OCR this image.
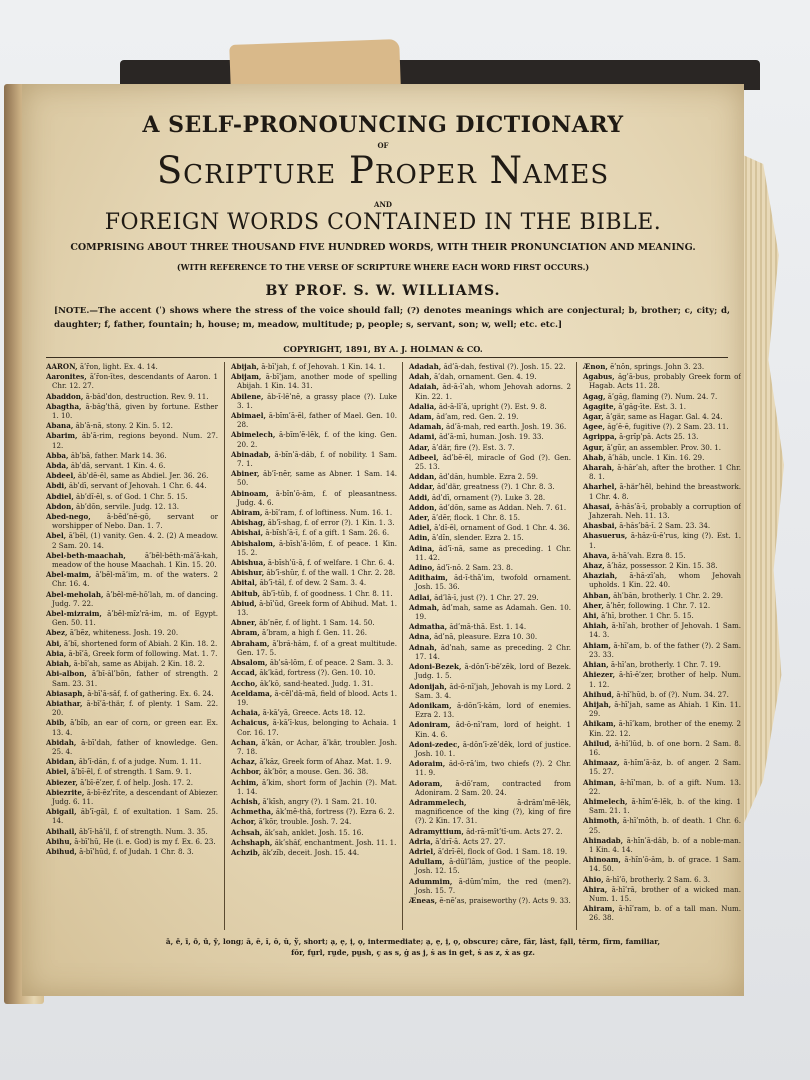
A SELF-PRONOUNCING DICTIONARY
OF
Scripture Proper Names
AND
FOREIGN WORDS CONTAINED IN THE BIBLE.
COMPRISING ABOUT THREE THOUSAND FIVE HUNDRED WORDS, WITH THEIR PRONUNCIATION AND MEANING.
(WITH REFERENCE TO THE VERSE OF SCRIPTURE WHERE EACH WORD FIRST OCCURS.)
BY PROF. S. W. WILLIAMS.
[NOTE.—The accent (ʹ) shows where the stress of the voice should fall; (?) denotes meanings which are conjectural; b, brother; c, city; d, daughter; f, father, fountain; h, house; m, meadow, multitude; p, people; s, servant, son; w, well; etc. etc.]
COPYRIGHT, 1891, BY A. J. HOLMAN & CO.
AARON, āʹr̆on, light. Ex. 4. 14.
Aaronites, āʹr̆on-ītes, descendants of Aaron. 1 Chr. 12. 27.
Abaddon, ā-bădʹdon, destruction. Rev. 9. 11.
Abagtha, ā-băgʹthā, given by fortune. Esther 1. 10.
Abana, ăbʹā-nā, stony. 2 Kin. 5. 12.
Abarim, ăbʹā-rim, regions beyond. Num. 27. 12.
Abba, ăbʹbā, father. Mark 14. 36.
Abda, ăbʹdā, servant. 1 Kin. 4. 6.
Abdeel, ăbʹdē-ĕl, same as Abdiel. Jer. 36. 26.
Abdi, ăbʹdī, servant of Jehovah. 1 Chr. 6. 44.
Abdiel, ăbʹdĭ-ĕl, s. of God. 1 Chr. 5. 15.
Abdon, ăbʹdŏn, servile. Judg. 12. 13.
Abed-nego, ā-bĕdʹnē-gō, servant or worshipper of Nebo. Dan. 1. 7.
Abel, āʹbĕl, (1) vanity. Gen. 4. 2. (2) A meadow. 2 Sam. 20. 14.
Abel-beth-maachah, āʹbĕl-bĕth-māʹā-kah, meadow of the house Maachah. 1 Kin. 15. 20.
Abel-maim, āʹbĕl-māʹim, m. of the waters. 2 Chr. 16. 4.
Abel-meholah, āʹbĕl-mē-hōʹlah, m. of dancing. Judg. 7. 22.
Abel-mizraim, āʹbĕl-mĭzʹrā-im, m. of Egypt. Gen. 50. 11.
Abez, āʹbĕz, whiteness. Josh. 19. 20.
Abi, āʹbī, shortened form of Abiah. 2 Kin. 18. 2.
Abia, ā-bīʹā, Greek form of following. Mat. 1. 7.
Abiah, ā-bīʹah, same as Abijah. 2 Kin. 18. 2.
Abi-albon, āʹbī-ălʹbŏn, father of strength. 2 Sam. 23. 31.
Abiasaph, ā-bīʹā-săf, f. of gathering. Ex. 6. 24.
Abiathar, ā-bīʹā-thär, f. of plenty. 1 Sam. 22. 20.
Abib, āʹbĭb, an ear of corn, or green ear. Ex. 13. 4.
Abidah, ā-bīʹdah, father of knowledge. Gen. 25. 4.
Abidan, ăbʹī-dăn, f. of a judge. Num. 1. 11.
Abiel, āʹbī-ĕl, f. of strength. 1 Sam. 9. 1.
Abiezer, āʹbī-ēʹzer, f. of help. Josh. 17. 2.
Abiezrite, ā-bī-ĕzʹrīte, a descendant of Abiezer. Judg. 6. 11.
Abigail, ăbʹī-gāl, f. of exultation. 1 Sam. 25. 14.
Abihail, ăbʹī-hāʹil, f. of strength. Num. 3. 35.
Abihu, ā-bīʹhū, He (i. e. God) is my f. Ex. 6. 23.
Abihud, ā-bīʹhŭd, f. of Judah. 1 Chr. 8. 3.
Abijah, ā-bīʹjah, f. of Jehovah. 1 Kin. 14. 1.
Abijam, ā-bīʹjam, another mode of spelling Abijah. 1 Kin. 14. 31.
Abilene, ăb-ĭ-lēʹnē, a grassy place (?). Luke 3. 1.
Abimael, ā-bĭmʹā-ĕl, father of Mael. Gen. 10. 28.
Abimelech, ā-bĭmʹĕ-lĕk, f. of the king. Gen. 20. 2.
Abinadab, ā-bĭnʹā-dăb, f. of nobility. 1 Sam. 7. 1.
Abiner, ăbʹĭ-nĕr, same as Abner. 1 Sam. 14. 50.
Abinoam, ā-bĭnʹō-ăm, f. of pleasantness. Judg. 4. 6.
Abiram, ā-bīʹram, f. of loftiness. Num. 16. 1.
Abishag, ăbʹī-shag, f. of error (?). 1 Kin. 1. 3.
Abishai, ā-bĭshʹā-ī, f. of a gift. 1 Sam. 26. 6.
Abishalom, ā-bĭshʹā-lŏm, f. of peace. 1 Kin. 15. 2.
Abishua, ā-bĭshʹū-ā, f. of welfare. 1 Chr. 6. 4.
Abishur, ăbʹī-shŭr, f. of the wall. 1 Chr. 2. 28.
Abital, ăbʹī-tăl, f. of dew. 2 Sam. 3. 4.
Abitub, ăbʹī-tŭb, f. of goodness. 1 Chr. 8. 11.
Abiud, ā-bīʹŭd, Greek form of Abihud. Mat. 1. 13.
Abner, ăbʹnĕr, f. of light. 1 Sam. 14. 50.
Abram, āʹbram, a high f. Gen. 11. 26.
Abraham, āʹbră-hăm, f. of a great multitude. Gen. 17. 5.
Absalom, ăbʹsă-lŏm, f. of peace. 2 Sam. 3. 3.
Accad, ăkʹkăd, fortress (?). Gen. 10. 10.
Accho, ăkʹkō, sand-heated. Judg. 1. 31.
Aceldama, ā-cĕlʹdā-mā, field of blood. Acts 1. 19.
Achaia, ā-kāʹyā, Greece. Acts 18. 12.
Achaicus, ā-kāʹī-kus, belonging to Achaia. 1 Cor. 16. 17.
Achan, āʹkăn, or Achar, āʹkär, troubler. Josh. 7. 18.
Achaz, āʹkăz, Greek form of Ahaz. Mat. 1. 9.
Achbor, ăkʹbŏr, a mouse. Gen. 36. 38.
Achim, āʹkim, short form of Jachin (?). Mat. 1. 14.
Achish, āʹkĭsh, angry (?). 1 Sam. 21. 10.
Achmetha, ăkʹmĕ-thā, fortress (?). Ezra 6. 2.
Achor, āʹkŏr, trouble. Josh. 7. 24.
Achsah, ăkʹsah, anklet. Josh. 15. 16.
Achshaph, ăkʹshăf, enchantment. Josh. 11. 1.
Achzib, ăkʹzĭb, deceit. Josh. 15. 44.
Adadah, ădʹā-dah, festival (?). Josh. 15. 22.
Adah, āʹdah, ornament. Gen. 4. 19.
Adaiah, ăd-ā-īʹah, whom Jehovah adorns. 2 Kin. 22. 1.
Adalia, ăd-ā-līʹā, upright (?). Est. 9. 8.
Adam, ădʹam, red. Gen. 2. 19.
Adamah, ădʹā-mah, red earth. Josh. 19. 36.
Adami, ădʹā-mī, human. Josh. 19. 33.
Adar, āʹdär, fire (?). Est. 3. 7.
Adbeel, ădʹbē-ĕl, miracle of God (?). Gen. 25. 13.
Addan, ădʹdăn, humble. Ezra 2. 59.
Addar, ădʹdär, greatness (?). 1 Chr. 8. 3.
Addi, ădʹdī, ornament (?). Luke 3. 28.
Addon, ădʹdŏn, same as Addan. Neh. 7. 61.
Ader, āʹdĕr, flock. 1 Chr. 8. 15.
Adiel, āʹdĭ-ĕl, ornament of God. 1 Chr. 4. 36.
Adin, āʹdĭn, slender. Ezra 2. 15.
Adina, ădʹī-nā, same as preceding. 1 Chr. 11. 42.
Adino, ădʹī-nō. 2 Sam. 23. 8.
Adithaim, ăd-ĭ-thāʹim, twofold ornament. Josh. 15. 36.
Adlai, ădʹlā-ī, just (?). 1 Chr. 27. 29.
Admah, ădʹmah, same as Adamah. Gen. 10. 19.
Admatha, ădʹmā-thā. Est. 1. 14.
Adna, ădʹnā, pleasure. Ezra 10. 30.
Adnah, ădʹnah, same as preceding. 2 Chr. 17. 14.
Adoni-Bezek, ā-dōnʹī-bēʹzĕk, lord of Bezek. Judg. 1. 5.
Adonijah, ăd-ō-nīʹjah, Jehovah is my Lord. 2 Sam. 3. 4.
Adonikam, ă-dŏnʹī-kăm, lord of enemies. Ezra 2. 13.
Adoniram, ăd-ō-nīʹram, lord of height. 1 Kin. 4. 6.
Adoni-zedec, ā-dōnʹī-zēʹdĕk, lord of justice. Josh. 10. 1.
Adoraim, ăd-ō-rāʹim, two chiefs (?). 2 Chr. 11. 9.
Adoram, ā-dōʹram, contracted from Adoniram. 2 Sam. 20. 24.
Adrammelech, ā-drămʹmĕ-lĕk, magnificence of the king (?), king of fire (?). 2 Kin. 17. 31.
Adramyttium, ăd-rā-mĭtʹtĭ-um. Acts 27. 2.
Adria, āʹdrĭ-ā. Acts 27. 27.
Adriel, āʹdrĭ-ĕl, flock of God. 1 Sam. 18. 19.
Adullam, ā-dŭlʹlăm, justice of the people. Josh. 12. 15.
Adummim, ā-dŭmʹmĭm, the red (men?). Josh. 15. 7.
Æneas, ē-nēʹas, praiseworthy (?). Acts 9. 33.
Ænon, ēʹnŏn, springs. John 3. 23.
Agabus, ăgʹā-bus, probably Greek form of Hagab. Acts 11. 28.
Agag, āʹgăg, flaming (?). Num. 24. 7.
Agagite, āʹgăg-īte. Est. 3. 1.
Agar, āʹgär, same as Hagar. Gal. 4. 24.
Agee, ăgʹē-ē, fugitive (?). 2 Sam. 23. 11.
Agrippa, ā-grĭpʹpā. Acts 25. 13.
Agur, āʹgŭr, an assembler. Prov. 30. 1.
Ahab, āʹhăb, uncle. 1 Kin. 16. 29.
Aharah, ā-hărʹah, after the brother. 1 Chr. 8. 1.
Aharhel, ā-härʹhĕl, behind the breastwork. 1 Chr. 4. 8.
Ahasai, ā-hăsʹā-ī, probably a corruption of Jahzerah. Neh. 11. 13.
Ahasbai, ā-hăsʹbā-ī. 2 Sam. 23. 34.
Ahasuerus, ā-hăz-ū-ēʹrus, king (?). Est. 1. 1.
Ahava, ā-hāʹvah. Ezra 8. 15.
Ahaz, āʹhăz, possessor. 2 Kin. 15. 38.
Ahaziah, ā-hă-zīʹah, whom Jehovah upholds. 1 Kin. 22. 40.
Ahban, ăhʹbăn, brotherly. 1 Chr. 2. 29.
Aher, āʹhĕr, following. 1 Chr. 7. 12.
Ahi, āʹhī, brother. 1 Chr. 5. 15.
Ahiah, ā-hīʹah, brother of Jehovah. 1 Sam. 14. 3.
Ahiam, ā-hīʹam, b. of the father (?). 2 Sam. 23. 33.
Ahian, ā-hīʹan, brotherly. 1 Chr. 7. 19.
Ahiezer, ā-hī-ēʹzer, brother of help. Num. 1. 12.
Ahihud, ā-hīʹhŭd, b. of (?). Num. 34. 27.
Ahijah, ā-hīʹjah, same as Ahiah. 1 Kin. 11. 29.
Ahikam, ā-hīʹkam, brother of the enemy. 2 Kin. 22. 12.
Ahilud, ā-hīʹlŭd, b. of one born. 2 Sam. 8. 16.
Ahimaaz, ā-hĭmʹā-ăz, b. of anger. 2 Sam. 15. 27.
Ahiman, ā-hīʹman, b. of a gift. Num. 13. 22.
Ahimelech, ā-hĭmʹĕ-lĕk, b. of the king. 1 Sam. 21. 1.
Ahimoth, ā-hīʹmŏth, b. of death. 1 Chr. 6. 25.
Ahinadab, ā-hĭnʹā-dăb, b. of a noble-man. 1 Kin. 4. 14.
Ahinoam, ā-hĭnʹō-ăm, b. of grace. 1 Sam. 14. 50.
Ahio, ā-hīʹō, brotherly. 2 Sam. 6. 3.
Ahira, ā-hīʹrā, brother of a wicked man. Num. 1. 15.
Ahiram, ā-hīʹram, b. of a tall man. Num. 26. 38.
ā, ē, ī, ō, ū, ȳ, long; ă, ĕ, ĭ, ŏ, ŭ, ў, short; ạ, ẹ, ị, ọ, intermediate; ạ, ẹ, ị, ọ, obscure; cāre, fär, lȧst, fạll, tĕrm, fīrm, familiar,
fŏr, fṳrl, rṳde, pṳsh, ç as s, ġ as j, ṡ as in get, ṡ as z, ẋ as gz.
